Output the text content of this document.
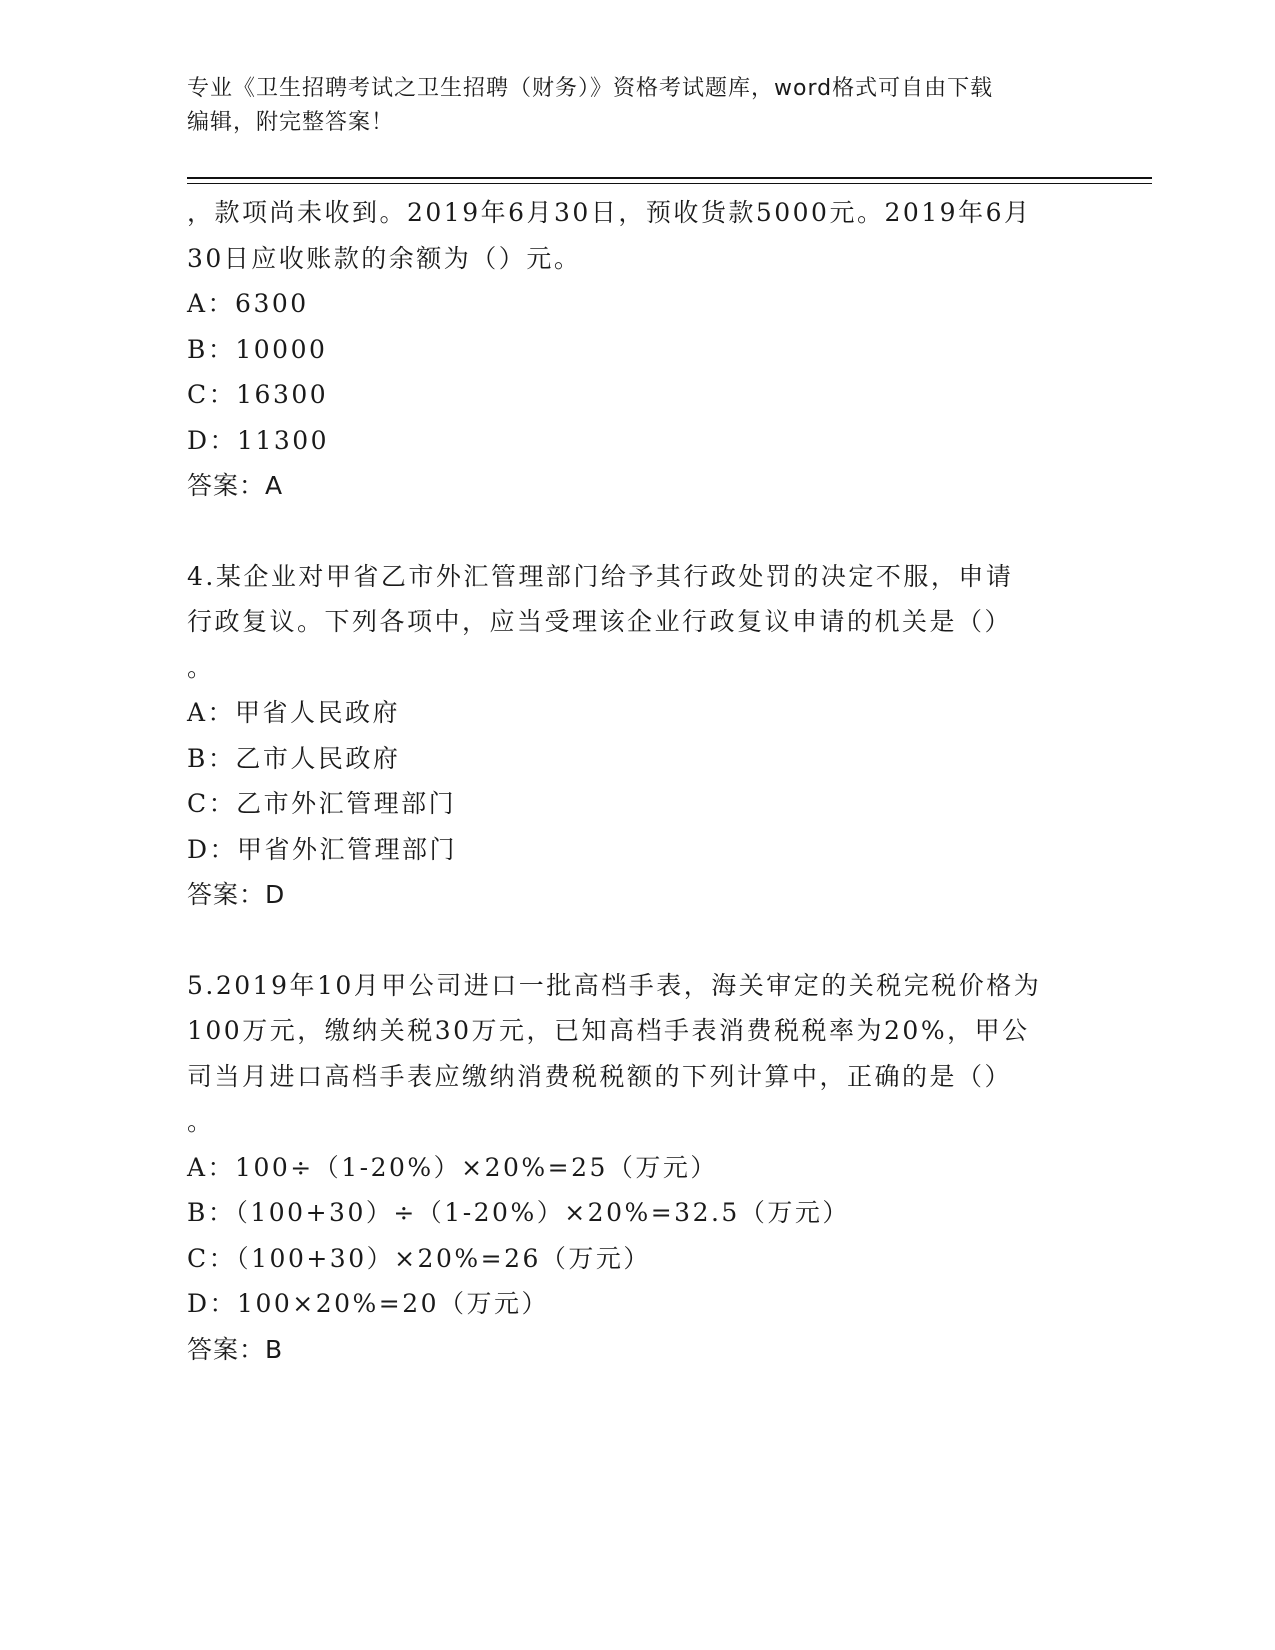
专业《卫生招聘考试之卫生招聘（财务）》资格考试题库，word格式可自由下载
编辑，附完整答案！
，款项尚未收到。2019年6月30日，预收货款5000元。2019年6月
30日应收账款的余额为（）元。
A：6300
B：10000
C：16300
D：11300
答案：A
4.某企业对甲省乙市外汇管理部门给予其行政处罚的决定不服，申请
行政复议。下列各项中，应当受理该企业行政复议申请的机关是（）
。
A：甲省人民政府
B：乙市人民政府
C：乙市外汇管理部门
D：甲省外汇管理部门
答案：D
5.2019年10月甲公司进口一批高档手表，海关审定的关税完税价格为
100万元，缴纳关税30万元，已知高档手表消费税税率为20%，甲公
司当月进口高档手表应缴纳消费税税额的下列计算中，正确的是（）
。
A：100÷（1-20%）×20%=25（万元）
B：（100+30）÷（1-20%）×20%=32.5（万元）
C：（100+30）×20%=26（万元）
D：100×20%=20（万元）
答案：B
